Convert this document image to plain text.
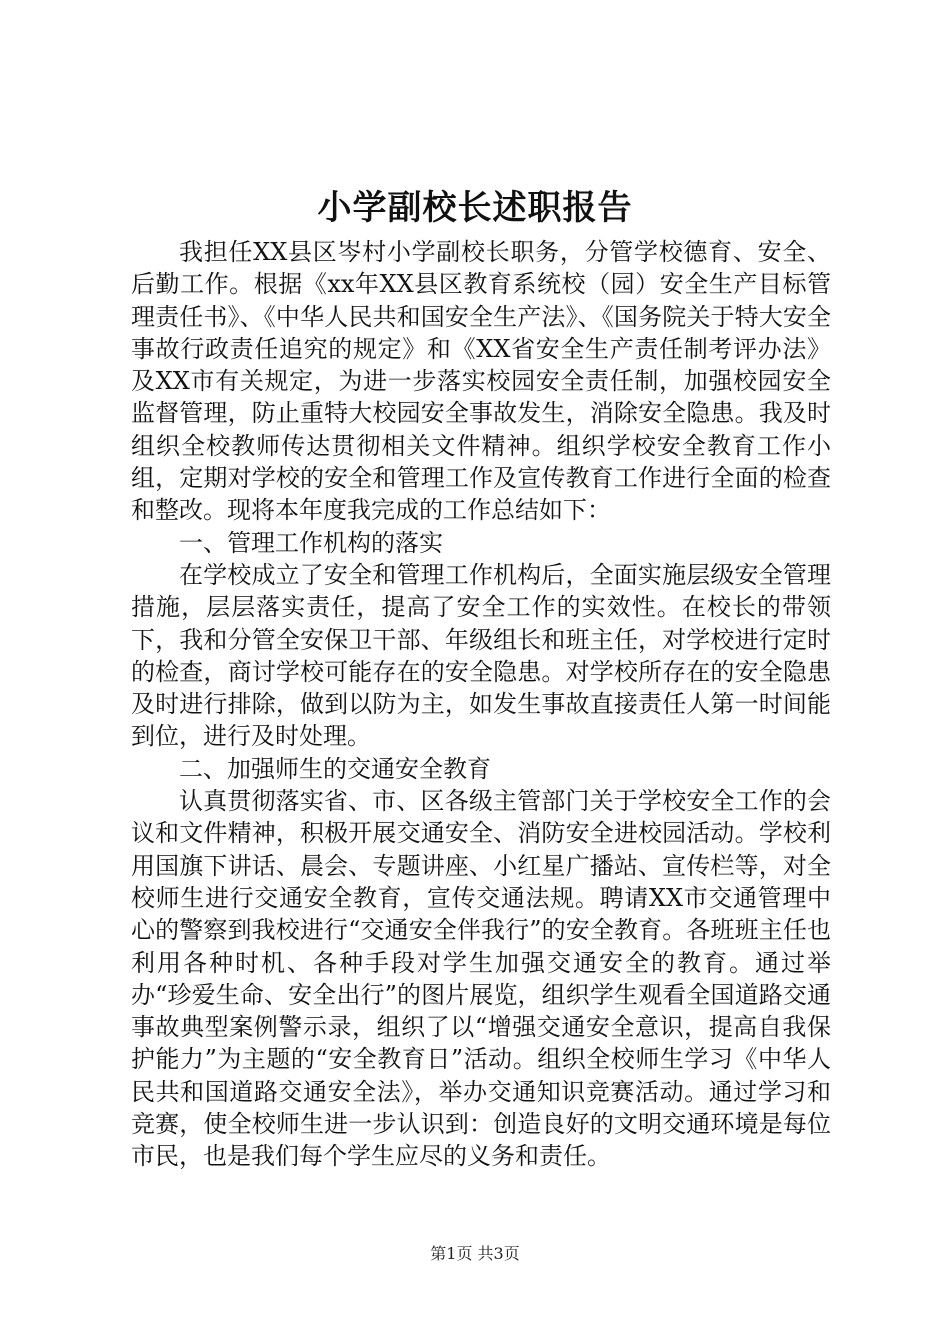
小学副校长述职报告

我担任XX县区岑村小学副校长职务，分管学校德育、安全、后勤工作。根据《xx年XX县区教育系统校（园）安全生产目标管理责任书》、《中华人民共和国安全生产法》、《国务院关于特大安全事故行政责任追究的规定》和《XX省安全生产责任制考评办法》及XX市有关规定，为进一步落实校园安全责任制，加强校园安全监督管理，防止重特大校园安全事故发生，消除安全隐患。我及时组织全校教师传达贯彻相关文件精神。组织学校安全教育工作小组，定期对学校的安全和管理工作及宣传教育工作进行全面的检查和整改。现将本年度我完成的工作总结如下：

一、管理工作机构的落实

在学校成立了安全和管理工作机构后，全面实施层级安全管理措施，层层落实责任，提高了安全工作的实效性。在校长的带领下，我和分管全安保卫干部、年级组长和班主任，对学校进行定时的检查，商讨学校可能存在的安全隐患。对学校所存在的安全隐患及时进行排除，做到以防为主，如发生事故直接责任人第一时间能到位，进行及时处理。

二、加强师生的交通安全教育

认真贯彻落实省、市、区各级主管部门关于学校安全工作的会议和文件精神，积极开展交通安全、消防安全进校园活动。学校利用国旗下讲话、晨会、专题讲座、小红星广播站、宣传栏等，对全校师生进行交通安全教育，宣传交通法规。聘请XX市交通管理中心的警察到我校进行“交通安全伴我行”的安全教育。各班班主任也利用各种时机、各种手段对学生加强交通安全的教育。通过举办“珍爱生命、安全出行”的图片展览，组织学生观看全国道路交通事故典型案例警示录，组织了以“增强交通安全意识，提高自我保护能力”为主题的“安全教育日”活动。组织全校师生学习《中华人民共和国道路交通安全法》，举办交通知识竞赛活动。通过学习和竞赛，使全校师生进一步认识到：创造良好的文明交通环境是每位市民，也是我们每个学生应尽的义务和责任。

第1页 共3页
